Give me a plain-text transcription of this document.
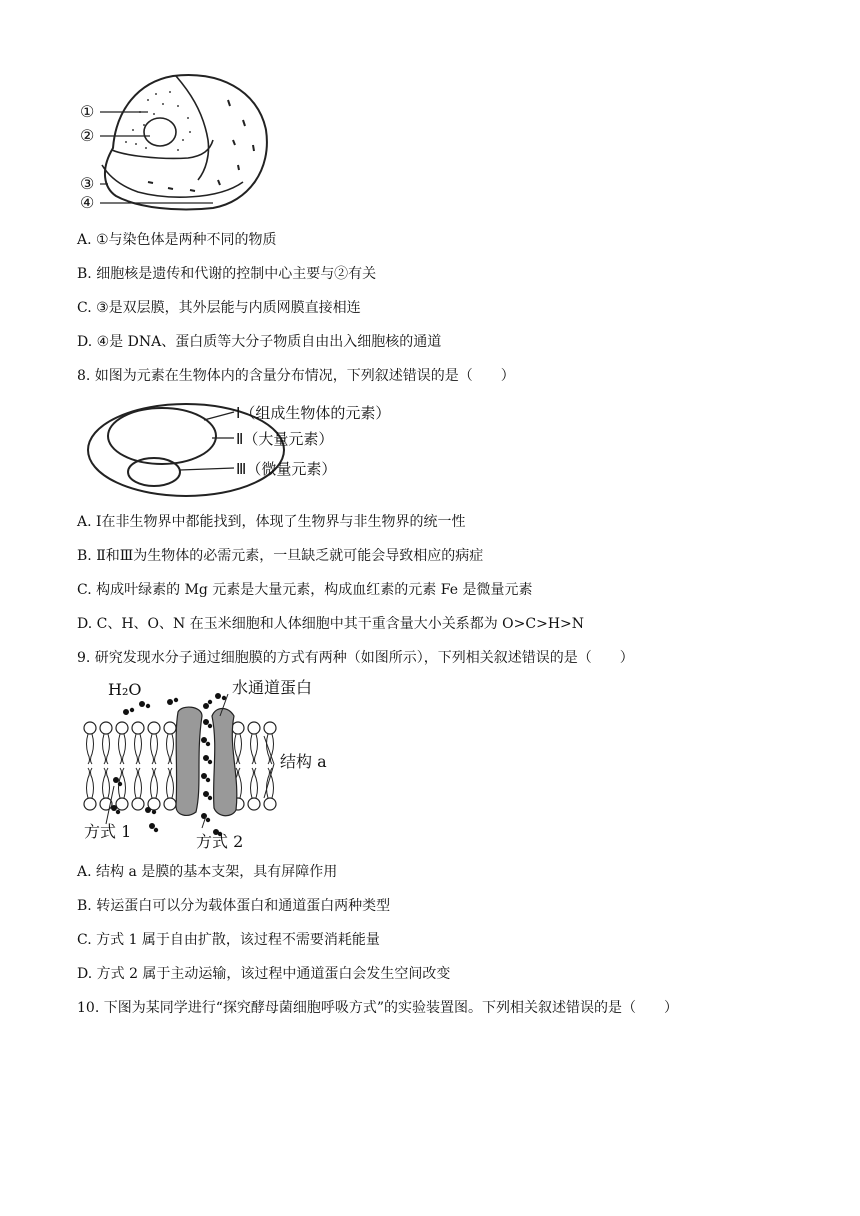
①
②
③
④
A. ①与染色体是两种不同的物质
B. 细胞核是遗传和代谢的控制中心主要与②有关
C. ③是双层膜，其外层能与内质网膜直接相连
D. ④是 DNA、蛋白质等大分子物质自由出入细胞核的通道
8. 如图为元素在生物体内的含量分布情况，下列叙述错误的是（　　）
Ⅰ（组成生物体的元素）
Ⅱ（大量元素）
Ⅲ（微量元素）
A. Ⅰ在非生物界中都能找到，体现了生物界与非生物界的统一性
B. Ⅱ和Ⅲ为生物体的必需元素，一旦缺乏就可能会导致相应的病症
C. 构成叶绿素的 Mg 元素是大量元素，构成血红素的元素 Fe 是微量元素
D. C、H、O、N 在玉米细胞和人体细胞中其干重含量大小关系都为 O>C>H>N
9. 研究发现水分子通过细胞膜的方式有两种（如图所示），下列相关叙述错误的是（　　）
H₂O	水通道蛋白
结构 a
方式 1
方式 2
A. 结构 a 是膜的基本支架，具有屏障作用
B. 转运蛋白可以分为载体蛋白和通道蛋白两种类型
C. 方式 1 属于自由扩散，该过程不需要消耗能量
D. 方式 2 属于主动运输，该过程中通道蛋白会发生空间改变
10. 下图为某同学进行“探究酵母菌细胞呼吸方式”的实验装置图。下列相关叙述错误的是（　　）
